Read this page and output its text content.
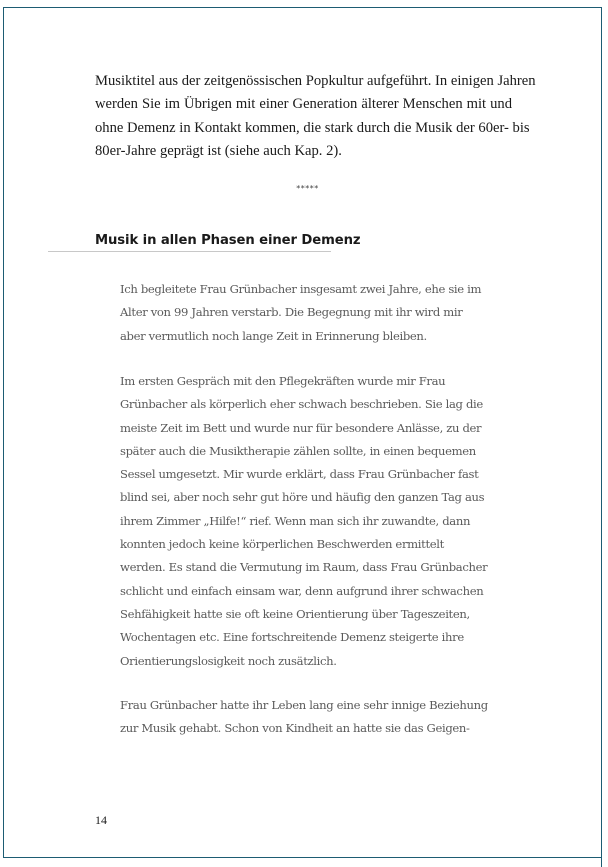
Musiktitel aus der zeitgenössischen Popkultur aufgeführt. In einigen Jahren
werden Sie im Übrigen mit einer Generation älterer Menschen mit und
ohne Demenz in Kontakt kommen, die stark durch die Musik der 60er- bis
80er-Jahre geprägt ist (siehe auch Kap. 2).
*****
Musik in allen Phasen einer Demenz
Ich begleitete Frau Grünbacher insgesamt zwei Jahre, ehe sie im
Alter von 99 Jahren verstarb. Die Begegnung mit ihr wird mir
aber vermutlich noch lange Zeit in Erinnerung bleiben.
Im ersten Gespräch mit den Pflegekräften wurde mir Frau
Grünbacher als körperlich eher schwach beschrieben. Sie lag die
meiste Zeit im Bett und wurde nur für besondere Anlässe, zu der
später auch die Musiktherapie zählen sollte, in einen bequemen
Sessel umgesetzt. Mir wurde erklärt, dass Frau Grünbacher fast
blind sei, aber noch sehr gut höre und häufig den ganzen Tag aus
ihrem Zimmer „Hilfe!“ rief. Wenn man sich ihr zuwandte, dann
konnten jedoch keine körperlichen Beschwerden ermittelt
werden. Es stand die Vermutung im Raum, dass Frau Grünbacher
schlicht und einfach einsam war, denn aufgrund ihrer schwachen
Sehfähigkeit hatte sie oft keine Orientierung über Tageszeiten,
Wochentagen etc. Eine fortschreitende Demenz steigerte ihre
Orientierungslosigkeit noch zusätzlich.
Frau Grünbacher hatte ihr Leben lang eine sehr innige Beziehung
zur Musik gehabt. Schon von Kindheit an hatte sie das Geigen-
14
